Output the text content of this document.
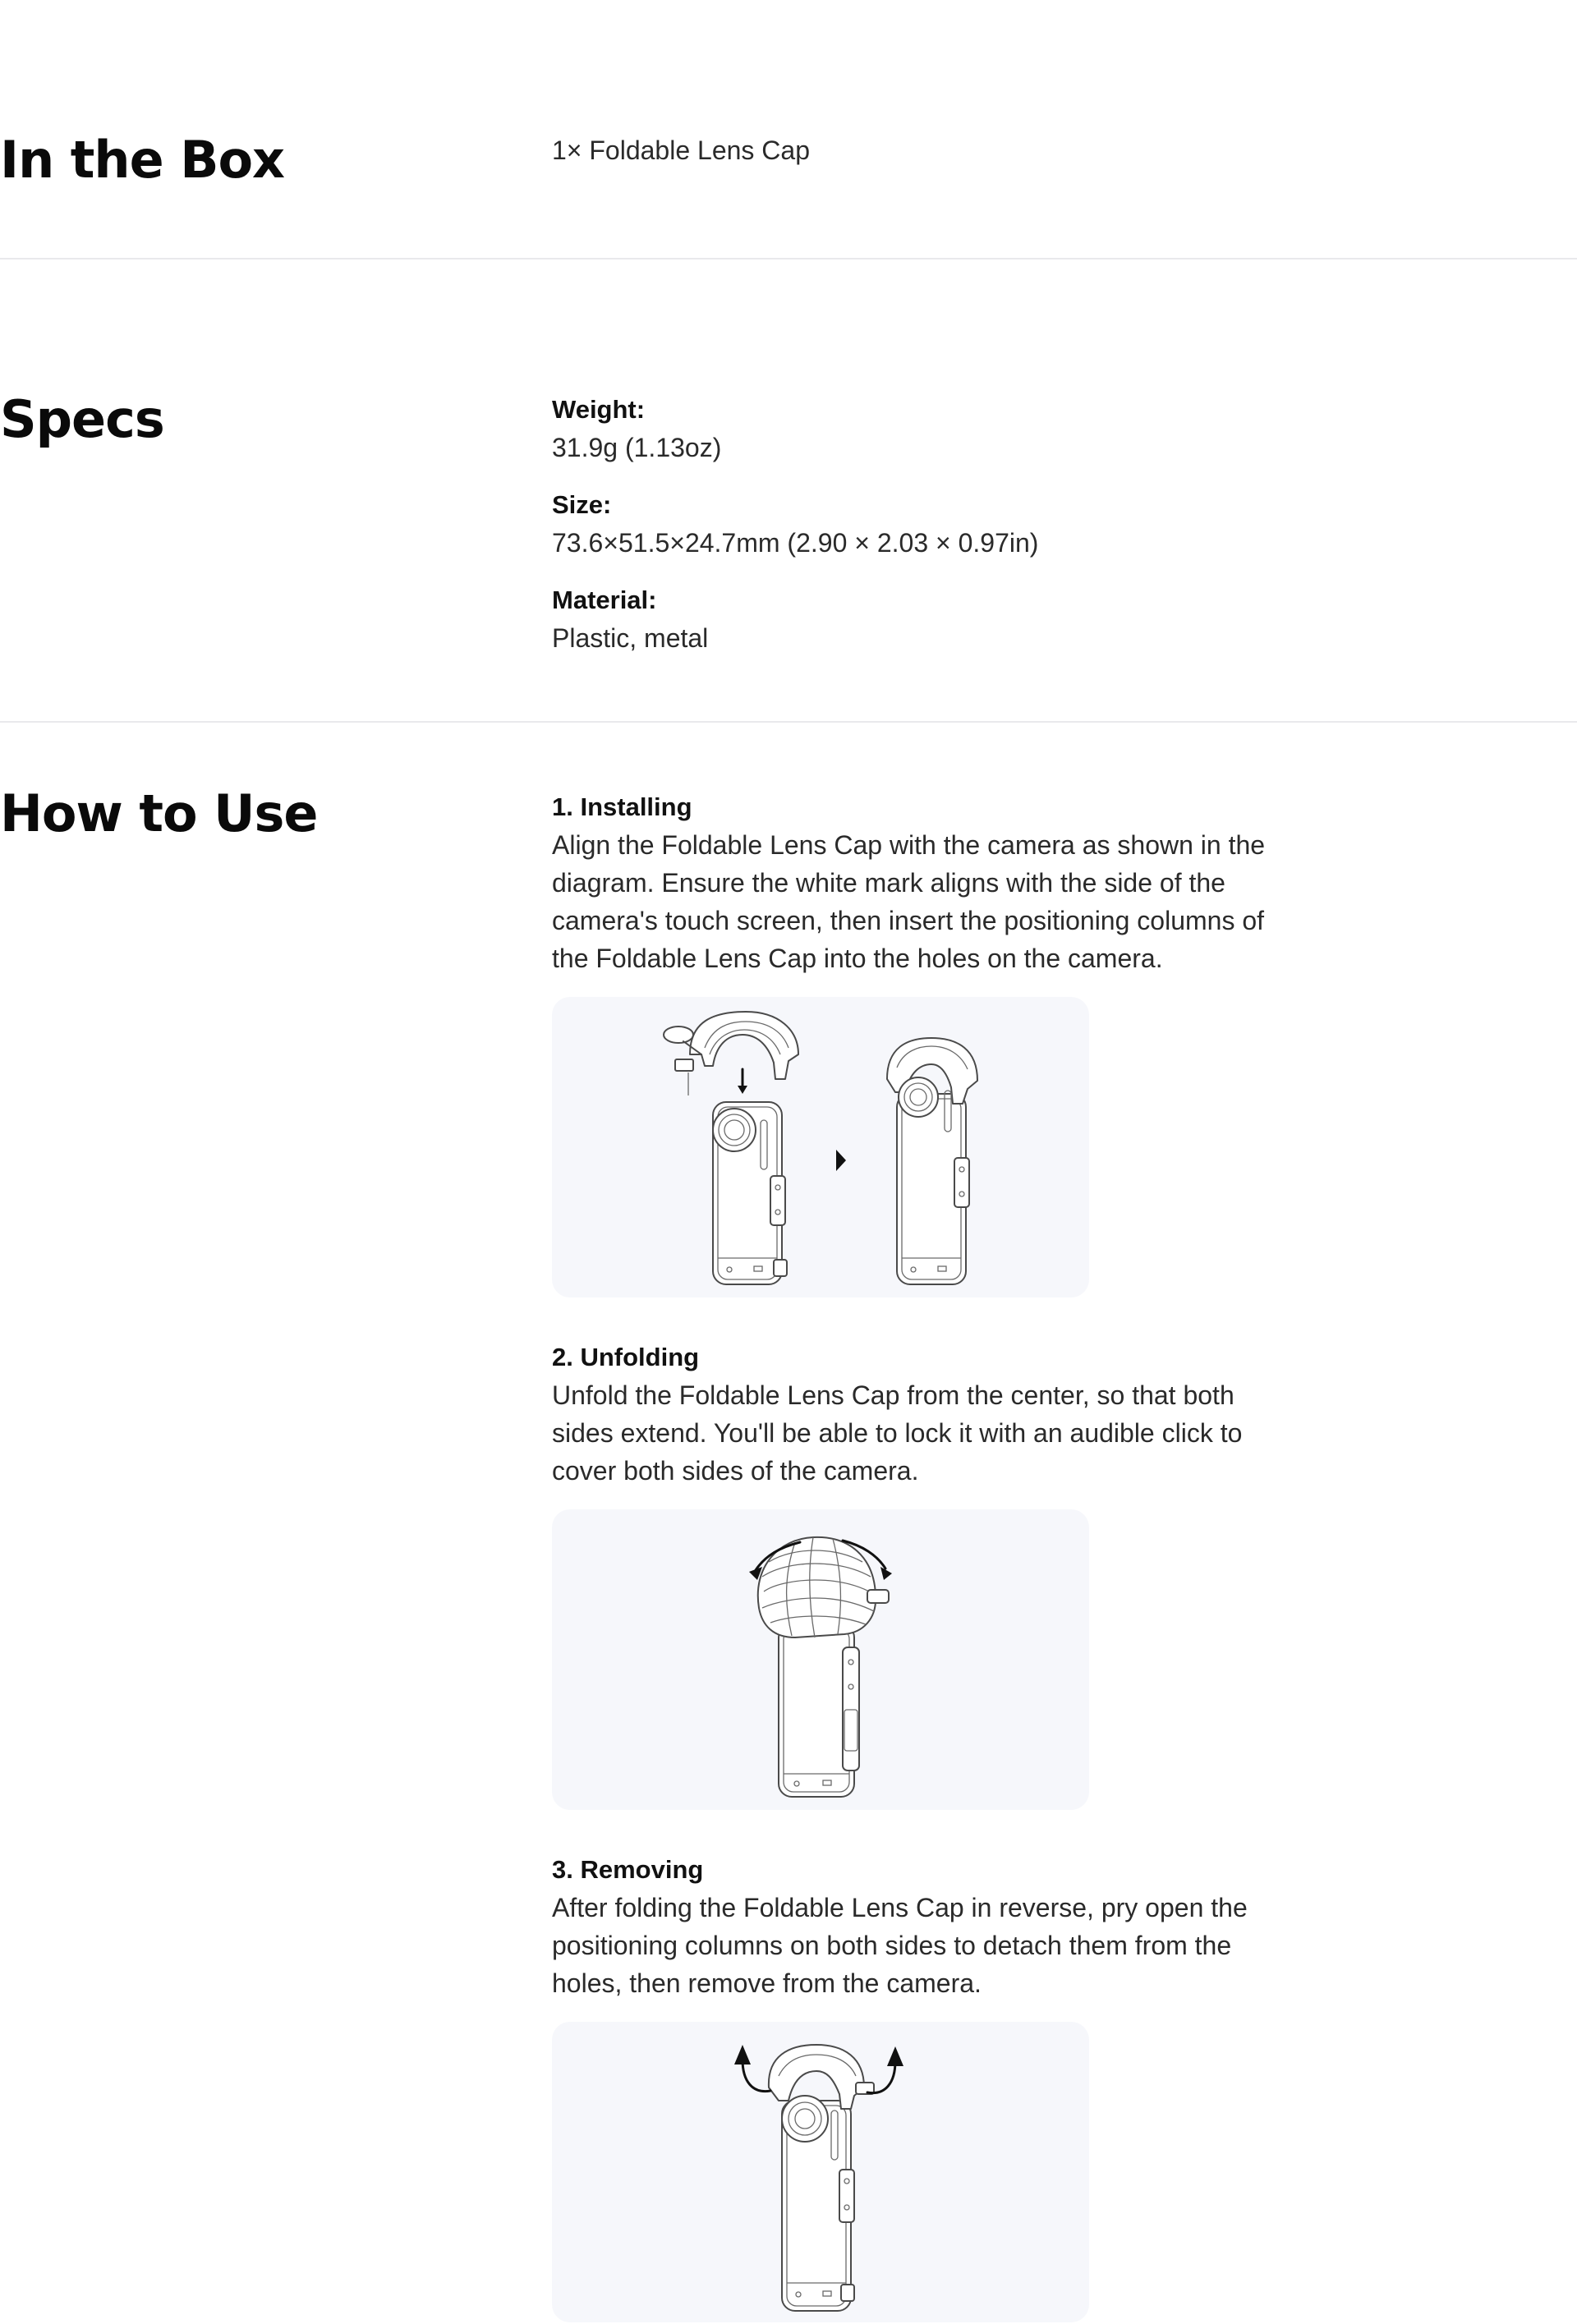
In the Box	1× Foldable Lens Cap
Specs	Weight:
31.9g (1.13oz)
Size:
73.6×51.5×24.7mm (2.90 × 2.03 × 0.97in)
Material:
Plastic, metal
How to Use	1. Installing
Align the Foldable Lens Cap with the camera as shown in the
diagram. Ensure the white mark aligns with the side of the
camera's touch screen, then insert the positioning columns of
the Foldable Lens Cap into the holes on the camera.
2. Unfolding
Unfold the Foldable Lens Cap from the center, so that both
sides extend. You'll be able to lock it with an audible click to
cover both sides of the camera.
3. Removing
After folding the Foldable Lens Cap in reverse, pry open the
positioning columns on both sides to detach them from the
holes, then remove from the camera.
